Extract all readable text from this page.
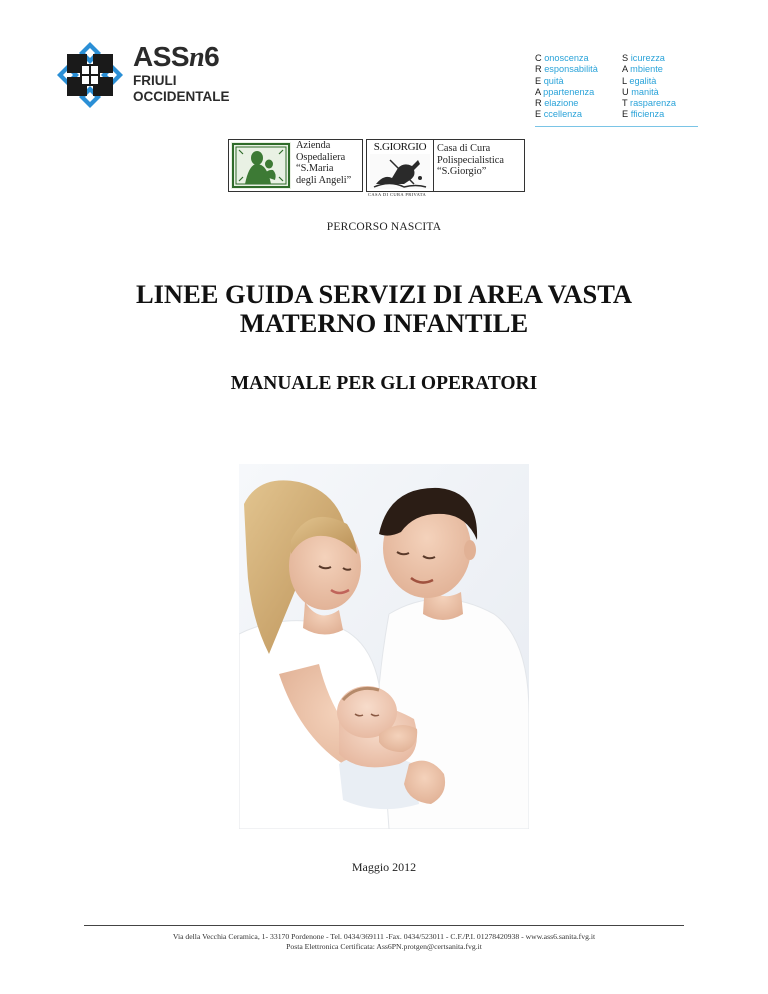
ASSn6
FRIULI
OCCIDENTALE
C onoscenza
R esponsabilità
E quità
A ppartenenza
R elazione
E ccellenza
S icurezza
A mbiente
L egalità
U manità
T rasparenza
E fficienza
Azienda
Ospedaliera
“S.Maria
degli Angeli”
S.GIORGIO	Casa di Cura
Polispecialistica
“S.Giorgio”
CASA DI CURA PRIVATA
PERCORSO NASCITA
LINEE GUIDA SERVIZI DI AREA VASTA
MATERNO INFANTILE
MANUALE PER GLI OPERATORI
Maggio 2012
Via della Vecchia Ceramica, 1- 33170 Pordenone - Tel. 0434/369111 -Fax. 0434/523011 - C.F./P.I. 01278420938 - www.ass6.sanita.fvg.it
Posta Elettronica Certificata: Ass6PN.protgen@certsanita.fvg.it
